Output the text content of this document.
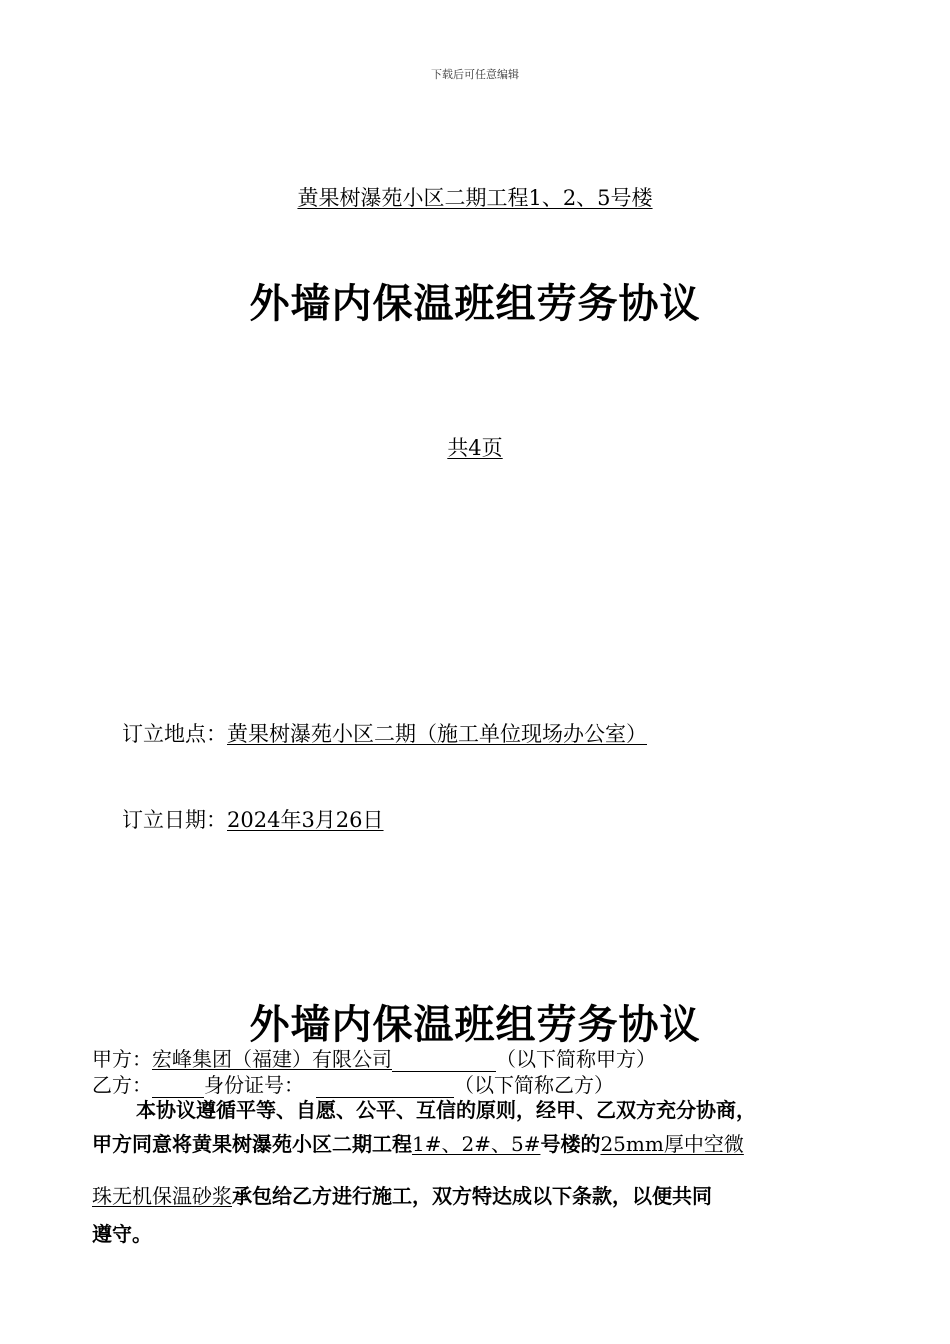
下载后可任意编辑
黄果树瀑苑小区二期工程1、2、5号楼
外墙内保温班组劳务协议
共4页
订立地点：黄果树瀑苑小区二期（施工单位现场办公室）
订立日期：2024年3月26日
外墙内保温班组劳务协议
甲方：宏峰集团（福建）有限公司	（以下简称甲方）
乙方：	身份证号：	（以下简称乙方）
本协议遵循平等、自愿、公平、互信的原则，经甲、乙双方充分协商，
甲方同意将黄果树瀑苑小区二期工程1#、2#、5#号楼的25mm厚中空微
珠无机保温砂浆承包给乙方进行施工，双方特达成以下条款，以便共同
遵守。
